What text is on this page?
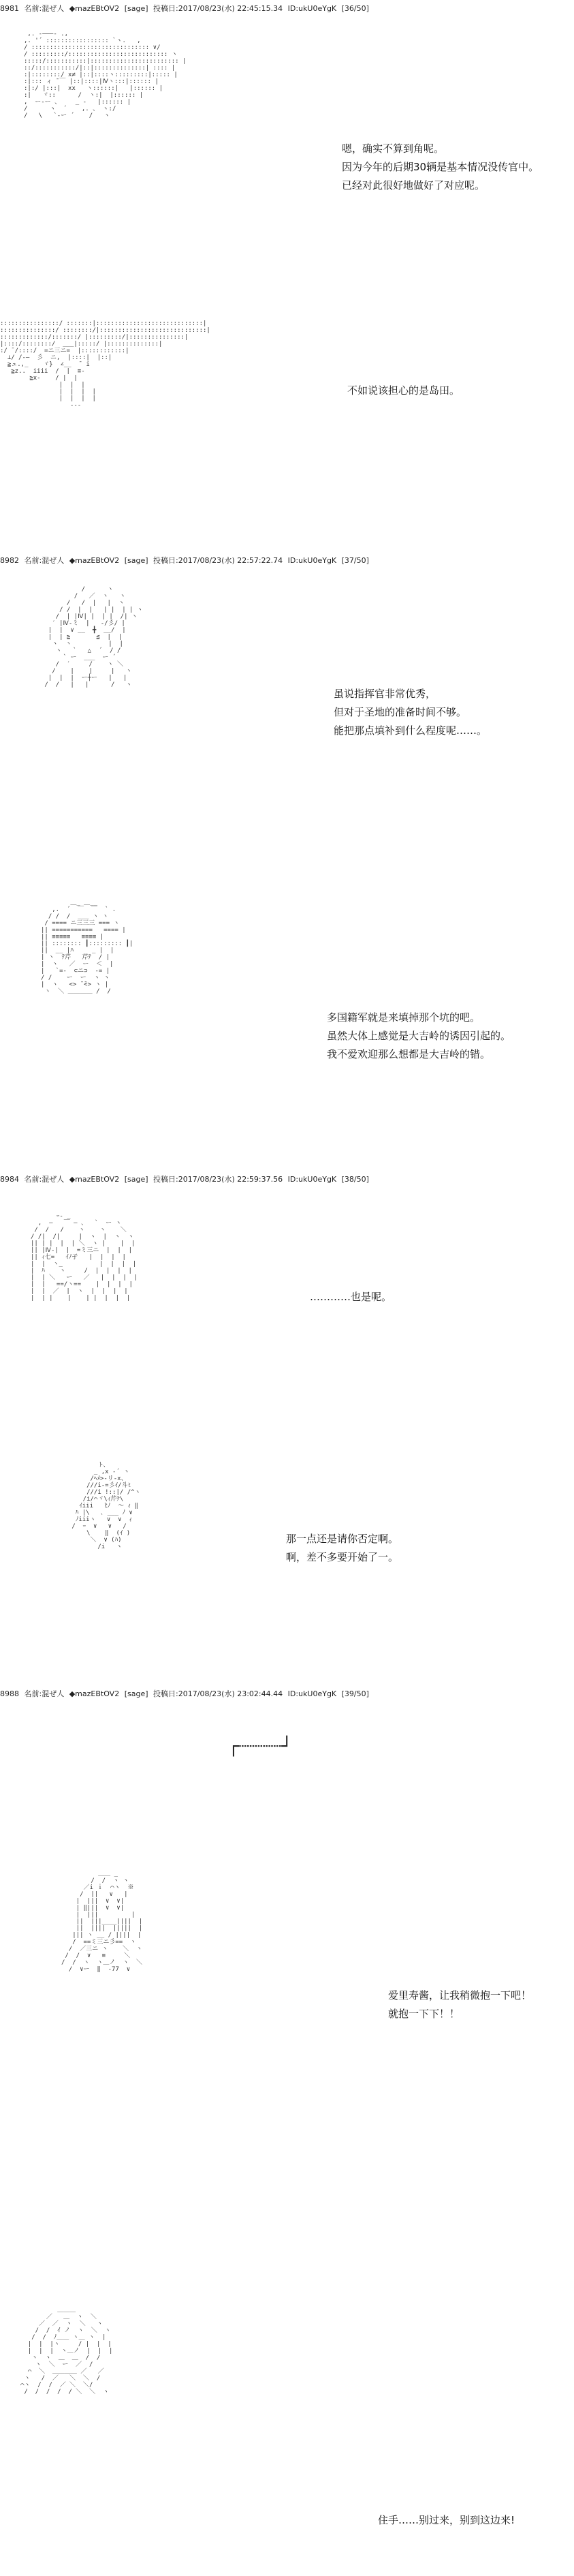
8981 名前:混ぜ人 ◆mazEBtOV2 [sage] 投稿日:2017/08/23(水) 22:45:15.34 ID:ukU0eYgK [36/50]
,. -―――- .,
,. '´ ::::::::::::::::: `ヽ.   ,
/ :::::::::::::::::::::::::::::::: ∨/
/ :::::::::/::::::::::::::::::::::::::: ヽ
:::::/:::::::::::|:::::::::::::::::::::::: |
::/:::::::::::/|::|::::::::::::::| :::: |
:|::::::::/ x≠ |::|::::ヽ:::::::::|::::: |
:|::: ィ ̄ ￣ |::|::::|Ⅳヽ:::|:::::: |
:|:/ |:::|  xx   ヽ::::::|   |:::::: |
:|   ヾ::      /  ヽ:|  |:::::: |
,  ー-ー 、    _ -   |:::::: |
/      ヽ  ´    ,. 、 ヽ:/
/   \   `-ー ´    /   ヽ
嗯，确实不算到角呢。
因为今年的后期30辆是基本情况没传官中。
已经对此很好地做好了对应呢。
::::::::::::::::/ :::::::|:::::::::::::::::::::::::::::|
:::::::::::::::/ ::::::::/|:::::::::::::::::::::::::::::|
:::::::::::::/:::::::/ |:::::::::/|:::::::::::::::|
|::::/::::::::/  ___|:::::/ |::::::::::::::|
:/ ̄ /::::/  =ニ三ニ=  |::::::::::::|
⊥/ /-―  彡  ニ,  |::::|  |::|
≧ュ.,_    ヾ}  ∠__  ̄  i
≧z..  iiii  /  |  ≡-
≧x-    / |  |
|  |  |
|  |  |  |
|  |  |  |
‐‐‐
不如说该担心的是岛田。
8982 名前:混ぜ人 ◆mazEBtOV2 [sage] 投稿日:2017/08/23(水) 22:57:22.74 ID:ukU0eYgK [37/50]
/      ヽ
/   ／  ヽ   ヽ
/   /  |   |  ヽ
/ /  |  |   | |  | | ヽ
/  | |Ⅳ| |  | |  /| ヽ
′ |Ⅳ-ミ  |   -/彡/ |
|  |  ∨ __  ╋  __/  |
|  | ≧       ≦  |  |
ヽ  ヽ          |  |
ヽ   `   △  ´  / /
` ー  ___  ー ´
/  ′     /    ヽ ＼
/    |    |     |   ヽ
|  |  |  ー┼ー   |   |
/  /   |   |      /   ヽ
虽说指挥官非常优秀，
但对于圣地的准备时间不够。
能把那点填补到什么程度呢……。
＿_ ＿__
,.  ´  ￣  ￣  ` .
/ /  /  ___ ヽ ヽ
/ ==== ニ三三三 === ヽ
|| ===========   ==== |
|| ≡≡≡≡≡   ≡≡≡≡ |
|| :::::::: ┃::::::::: ┃|
||  __ |ﾊ     _ |  |
| ヽ  ﾃ芹   芹ﾃ  / |
|  ヽ   ／  ー  ＜  |
|   `=-  ⊂ニ⊃  -= |
/ /    ー  ー  ヽ ヽ
|  ヽ   <> ̄ ̄<> ヽ |
ヽ  ＼ ＿＿＿＿ /  /
多国籍军就是来填掉那个坑的吧。
虽然大体上感觉是大吉岭的诱因引起的。
我不爱欢迎那么想都是大吉岭的错。
8984 名前:混ぜ人 ◆mazEBtOV2 [sage] 投稿日:2017/08/23(水) 22:59:37.56 ID:ukU0eYgK [38/50]
ｰ- _
,  ―   ￣ ― 、  `  ー ヽ
/  /   /    ヽ    ヽ    ＼
/ /|  /|     |  ヽ  |  ヽ  ヽ
|| | |  |  | ＼  ヽ |    |  |
|| |Ⅳ-|  |  =ミ三ニ  |  |  |
|| ｨ七=   ｲﾉ孑   |  |  |  |
|  |  ヽ_          |  |  |  |
|  ﾊ    ヽ     /  |  |  |  |
|  | ＼   ー   ／   |  |  |  |
|  |   ==/ヽ==    |  |  |  |
|  |  ／  |  ヽ  |  |  |  |
|  | |    |    | |  |  |  |	…………也是呢。
ト、
_ ,x ‐´ ヽ
/ﾍﾒ>-リ-x、
///i-=彡ｲ/斗ﾐ
///i !::|/ /^ヽ
/i/⌒ヾ\ｨ芹ﾃ\
ｲiii   ﾋﾉ  ～ ｨ ‖
ﾊ |\   ､ ___ ﾉ ∨
ﾉiiiヽ   ∨  ∨  ｨ
/  ｰ  ∨   ∨   /
\    ‖  (ｲ )
＼  ∨ (ﾊ)
/i   ヽ
那一点还是请你否定啊。
啊，差不多要开始了一。
8988 名前:混ぜ人 ◆mazEBtOV2 [sage] 投稿日:2017/08/23(水) 23:02:44.44 ID:ukU0eYgK [39/50]
┌┈┈┈┈┘
＿＿ _
/  /  ヽ ヽ
／i ｉ  ⌒ヽ  ※
/  ||   ∨   |
|  |||  ∨  ∨|
| ‖|||  ∨  ∨|
|  |||         |
||  |||____||||  |
||  ||||  |||||  |
||| ヽ __ / ||||  |
/  ==ミ三ニ彡==  ヽ
/  ／三ニ ヽ    ＼  ヽ
/  /  ∨   ≡     ＼
/  /  ヽ  ヽ＿ノ  ヽ  ＼
/  ∨ー  ‖  ‐77  ∨
爱里寿酱，让我稍微抱一下吧！
就抱一下下！！
＿＿＿
／   ＿  ヽ  ＼
／  ／  ヽ  ＼   ヽ
/  /  ｲ ノ  ヽ  ＼  ヽ
/  /  ﾉ＿＿ ヽ＿ ヽ  |
|  |  |ヽ     / |  |  |
|  |  |  ヽ＿ノ  |  |  |
ヽ  ヽ  ＿  ＿  /  /
ヽ  ＼  ー  ／  /
⌒  ＼  ＿＿＿＿ ／   ／
ヽ   /  ／   ＼  ＼  /
⌒ヽ  /  /  ／ ＼  ＼/
/  /  /  /  / ＼  ＼  ヽ
住手……别过来，别到这边来!
